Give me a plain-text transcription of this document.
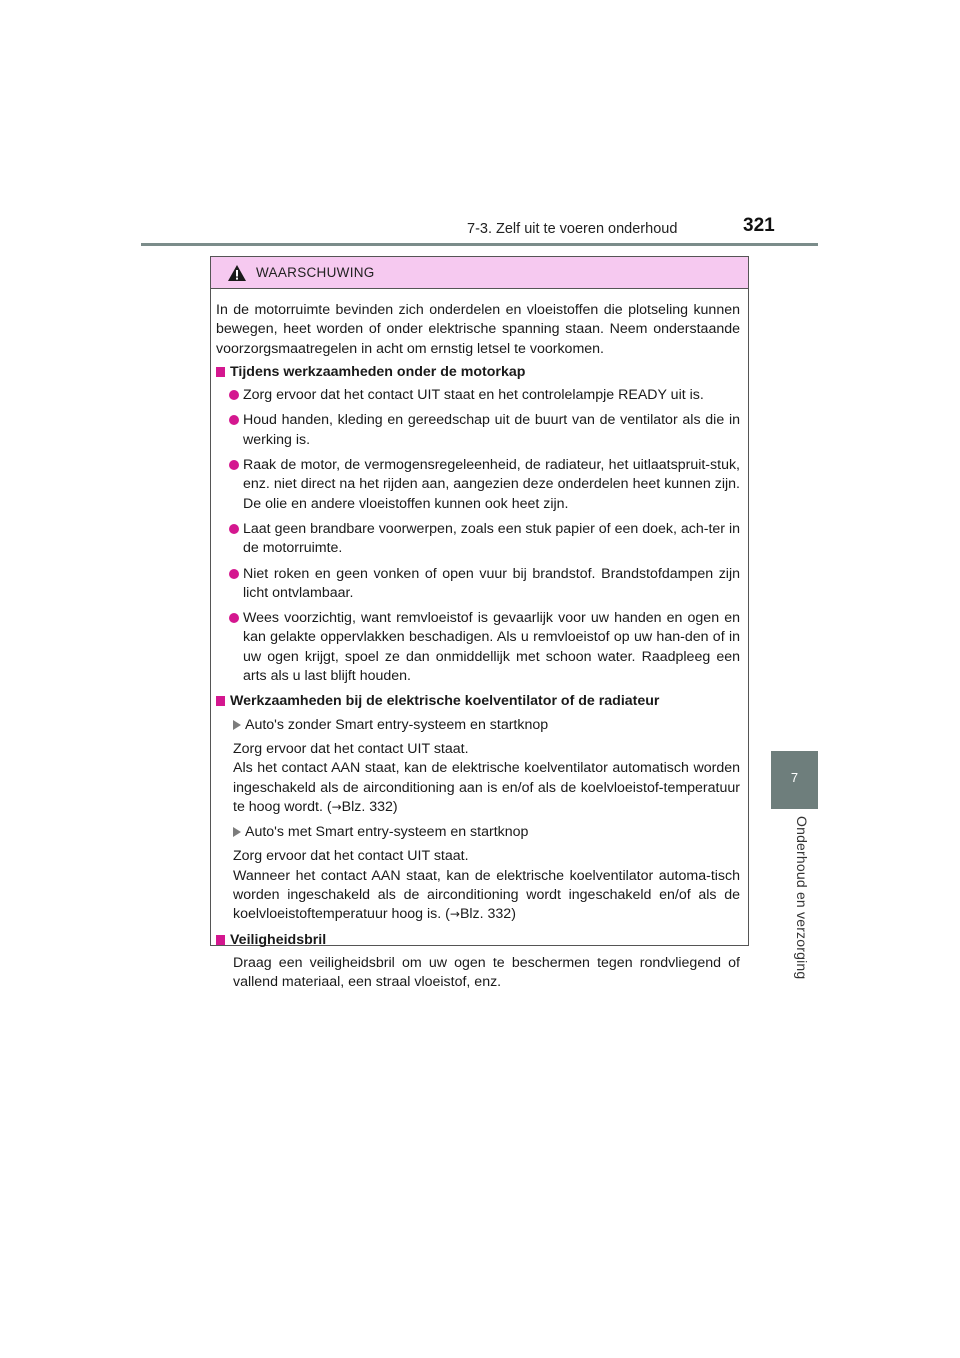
7-3. Zelf uit te voeren onderhoud	321
7
Onderhoud en verzorging
WAARSCHUWING

In de motorruimte bevinden zich onderdelen en vloeistoffen die plotseling kunnen bewegen, heet worden of onder elektrische spanning staan. Neem onderstaande voorzorgsmaatregelen in acht om ernstig letsel te voorkomen.

Tijdens werkzaamheden onder de motorkap
Zorg ervoor dat het contact UIT staat en het controlelampje READY uit is.
Houd handen, kleding en gereedschap uit de buurt van de ventilator als die in werking is.
Raak de motor, de vermogensregeleenheid, de radiateur, het uitlaatspruit-stuk, enz. niet direct na het rijden aan, aangezien deze onderdelen heet kunnen zijn. De olie en andere vloeistoffen kunnen ook heet zijn.
Laat geen brandbare voorwerpen, zoals een stuk papier of een doek, ach-ter in de motorruimte.
Niet roken en geen vonken of open vuur bij brandstof. Brandstofdampen zijn licht ontvlambaar.
Wees voorzichtig, want remvloeistof is gevaarlijk voor uw handen en ogen en kan gelakte oppervlakken beschadigen. Als u remvloeistof op uw han-den of in uw ogen krijgt, spoel ze dan onmiddellijk met schoon water. Raadpleeg een arts als u last blijft houden.
Werkzaamheden bij de elektrische koelventilator of de radiateur
Auto's zonder Smart entry-systeem en startknop
Zorg ervoor dat het contact UIT staat.
Als het contact AAN staat, kan de elektrische koelventilator automatisch worden ingeschakeld als de airconditioning aan is en/of als de koelvloeistof-temperatuur te hoog wordt. (→Blz. 332)
Auto's met Smart entry-systeem en startknop
Zorg ervoor dat het contact UIT staat.
Wanneer het contact AAN staat, kan de elektrische koelventilator automa-tisch worden ingeschakeld als de airconditioning wordt ingeschakeld en/of als de koelvloeistoftemperatuur hoog is. (→Blz. 332)
Veiligheidsbril
Draag een veiligheidsbril om uw ogen te beschermen tegen rondvliegend of vallend materiaal, een straal vloeistof, enz.
